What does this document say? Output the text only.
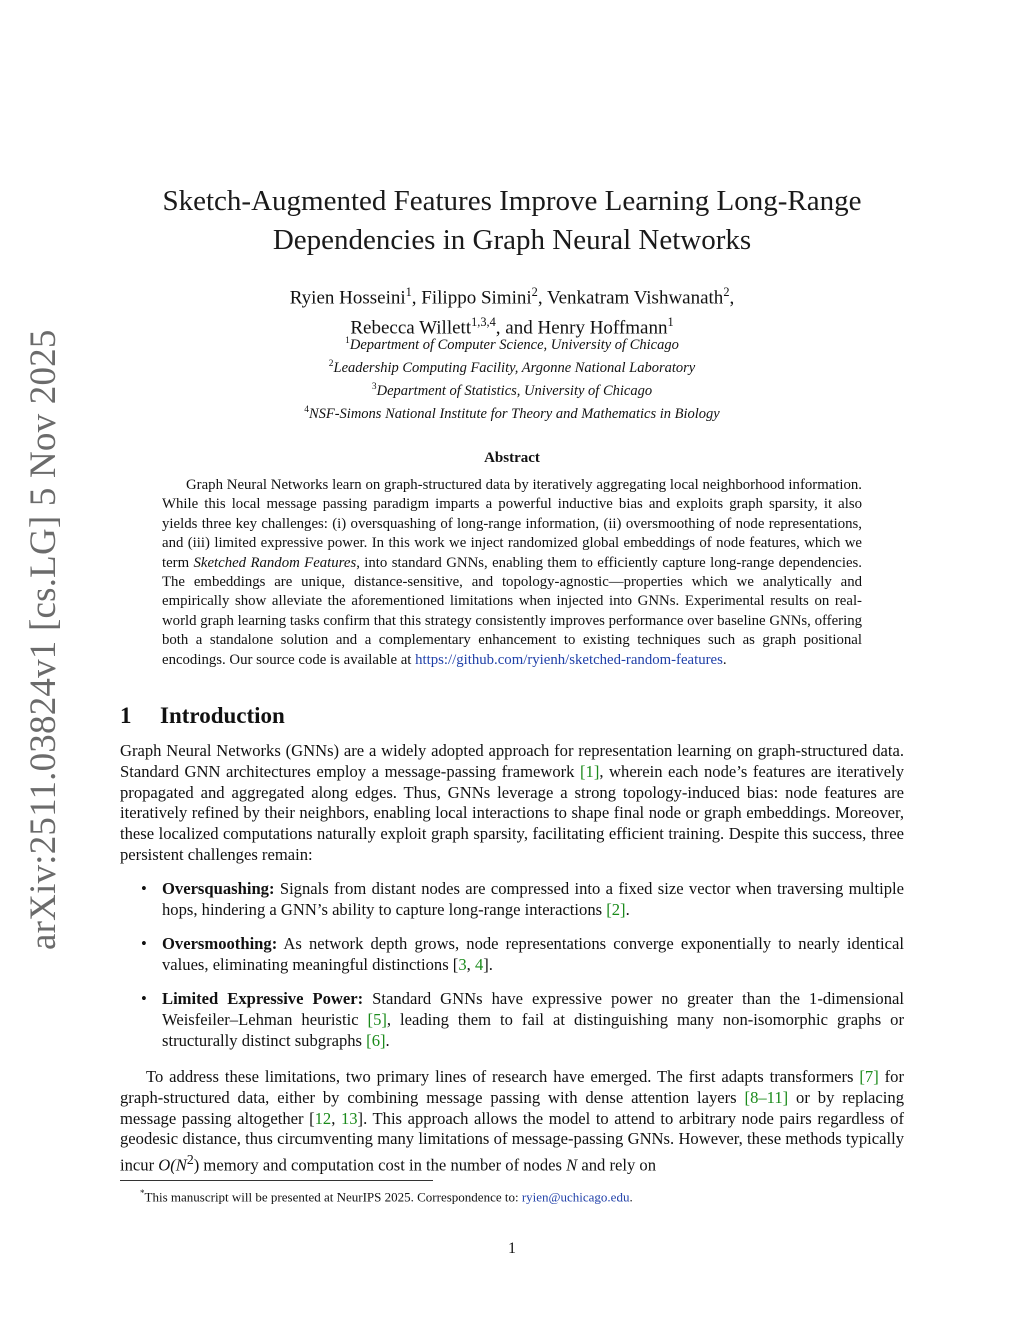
arXiv:2511.03824v1 [cs.LG] 5 Nov 2025
Sketch-Augmented Features Improve Learning Long-Range
Dependencies in Graph Neural Networks
Ryien Hosseini$^1$, Filippo Simini$^2$, Venkatram Vishwanath$^2$,
Rebecca Willett$^{1,3,4}$, and Henry Hoffmann$^1$
$^1$Department of Computer Science, University of Chicago
$^2$Leadership Computing Facility, Argonne National Laboratory
$^3$Department of Statistics, University of Chicago
$^4$NSF-Simons National Institute for Theory and Mathematics in Biology
Abstract

Graph Neural Networks learn on graph-structured data by iteratively aggregating local neighborhood information. While this local message passing paradigm imparts a powerful inductive bias and exploits graph sparsity, it also yields three key challenges: (i) oversquashing of long-range information, (ii) oversmoothing of node representations, and (iii) limited expressive power. In this work we inject randomized global embeddings of node features, which we term Sketched Random Features, into standard GNNs, enabling them to efficiently capture long-range dependencies. The embeddings are unique, distance-sensitive, and topology-agnostic—properties which we analytically and empirically show alleviate the aforementioned limitations when injected into GNNs. Experimental results on real-world graph learning tasks confirm that this strategy consistently improves performance over baseline GNNs, offering both a standalone solution and a complementary enhancement to existing techniques such as graph positional encodings. Our source code is available at https://github.com/ryienh/sketched-random-features.

1 Introduction

Graph Neural Networks (GNNs) are a widely adopted approach for representation learning on graph-structured data. Standard GNN architectures employ a message-passing framework [1], wherein each node’s features are iteratively propagated and aggregated along edges. Thus, GNNs leverage a strong topology-induced bias: node features are iteratively refined by their neighbors, enabling local interactions to shape final node or graph embeddings. Moreover, these localized computations naturally exploit graph sparsity, facilitating efficient training. Despite this success, three persistent challenges remain:

• Oversquashing: Signals from distant nodes are compressed into a fixed size vector when traversing multiple hops, hindering a GNN’s ability to capture long-range interactions [2].
• Oversmoothing: As network depth grows, node representations converge exponentially to nearly identical values, eliminating meaningful distinctions [3, 4].
• Limited Expressive Power: Standard GNNs have expressive power no greater than the 1-dimensional Weisfeiler–Lehman heuristic [5], leading them to fail at distinguishing many non-isomorphic graphs or structurally distinct subgraphs [6].

To address these limitations, two primary lines of research have emerged. The first adapts transformers [7] for graph-structured data, either by combining message passing with dense attention layers [8–11] or by replacing message passing altogether [12, 13]. This approach allows the model to attend to arbitrary node pairs regardless of geodesic distance, thus circumventing many limitations of message-passing GNNs. However, these methods typically incur $O(N^2)$ memory and computation cost in the number of nodes N and rely on

*This manuscript will be presented at NeurIPS 2025. Correspondence to: ryien@uchicago.edu.
1
